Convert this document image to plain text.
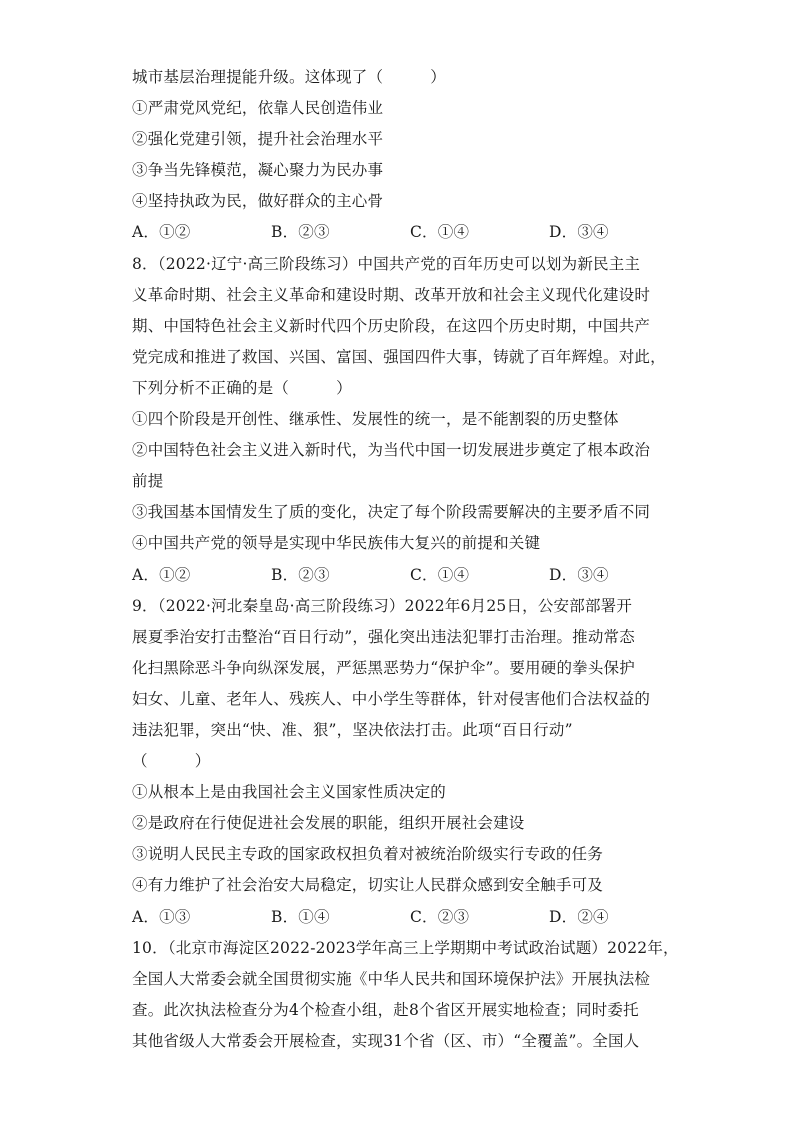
城市基层治理提能升级。这体现了（　　　）
①严肃党风党纪，依靠人民创造伟业
②强化党建引领，提升社会治理水平
③争当先锋模范，凝心聚力为民办事
④坚持执政为民，做好群众的主心骨
A．①②	B．②③	C．①④	D．③④
8．（2022·辽宁·高三阶段练习）中国共产党的百年历史可以划为新民主主
义革命时期、社会主义革命和建设时期、改革开放和社会主义现代化建设时
期、中国特色社会主义新时代四个历史阶段，在这四个历史时期，中国共产
党完成和推进了救国、兴国、富国、强国四件大事，铸就了百年辉煌。对此，
下列分析不正确的是（　　　）
①四个阶段是开创性、继承性、发展性的统一，是不能割裂的历史整体
②中国特色社会主义进入新时代，为当代中国一切发展进步奠定了根本政治
前提
③我国基本国情发生了质的变化，决定了每个阶段需要解决的主要矛盾不同
④中国共产党的领导是实现中华民族伟大复兴的前提和关键
A．①②	B．②③	C．①④	D．③④
9．（2022·河北秦皇岛·高三阶段练习）2022年6月25日，公安部部署开
展夏季治安打击整治“百日行动”，强化突出违法犯罪打击治理。推动常态
化扫黑除恶斗争向纵深发展，严惩黑恶势力“保护伞”。要用硬的拳头保护
妇女、儿童、老年人、残疾人、中小学生等群体，针对侵害他们合法权益的
违法犯罪，突出“快、准、狠”，坚决依法打击。此项“百日行动”
（　　　）
①从根本上是由我国社会主义国家性质决定的
②是政府在行使促进社会发展的职能，组织开展社会建设
③说明人民民主专政的国家政权担负着对被统治阶级实行专政的任务
④有力维护了社会治安大局稳定，切实让人民群众感到安全触手可及
A．①③	B．①④	C．②③	D．②④
10．（北京市海淀区2022-2023学年高三上学期期中考试政治试题）2022年，
全国人大常委会就全国贯彻实施《中华人民共和国环境保护法》开展执法检
查。此次执法检查分为4个检查小组，赴8个省区开展实地检查；同时委托
其他省级人大常委会开展检查，实现31个省（区、市）“全覆盖”。全国人
